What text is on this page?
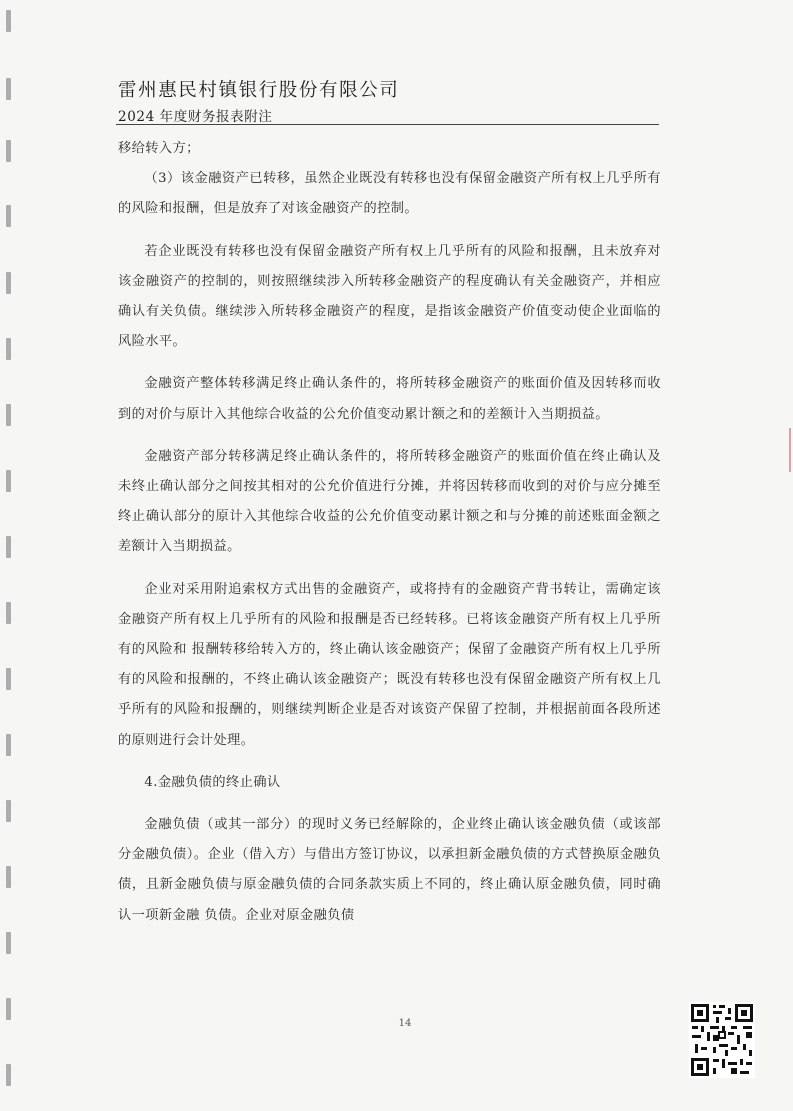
雷州惠民村镇银行股份有限公司
2024 年度财务报表附注

移给转入方；

（3）该金融资产已转移，虽然企业既没有转移也没有保留金融资产所有权上几乎所有的风险和报酬，但是放弃了对该金融资产的控制。

若企业既没有转移也没有保留金融资产所有权上几乎所有的风险和报酬，且未放弃对该金融资产的控制的，则按照继续涉入所转移金融资产的程度确认有关金融资产，并相应确认有关负债。继续涉入所转移金融资产的程度，是指该金融资产价值变动使企业面临的风险水平。

金融资产整体转移满足终止确认条件的，将所转移金融资产的账面价值及因转移而收到的对价与原计入其他综合收益的公允价值变动累计额之和的差额计入当期损益。

金融资产部分转移满足终止确认条件的，将所转移金融资产的账面价值在终止确认及未终止确认部分之间按其相对的公允价值进行分摊，并将因转移而收到的对价与应分摊至终止确认部分的原计入其他综合收益的公允价值变动累计额之和与分摊的前述账面金额之差额计入当期损益。

企业对采用附追索权方式出售的金融资产，或将持有的金融资产背书转让，需确定该金融资产所有权上几乎所有的风险和报酬是否已经转移。已将该金融资产所有权上几乎所有的风险和 报酬转移给转入方的，终止确认该金融资产；保留了金融资产所有权上几乎所有的风险和报酬的，不终止确认该金融资产；既没有转移也没有保留金融资产所有权上几乎所有的风险和报酬的，则继续判断企业是否对该资产保留了控制，并根据前面各段所述的原则进行会计处理。

4.金融负债的终止确认

金融负债（或其一部分）的现时义务已经解除的，企业终止确认该金融负债（或该部分金融负债）。企业（借入方）与借出方签订协议，以承担新金融负债的方式替换原金融负债，且新金融负债与原金融负债的合同条款实质上不同的，终止确认原金融负债，同时确认一项新金融 负债。企业对原金融负债

14
